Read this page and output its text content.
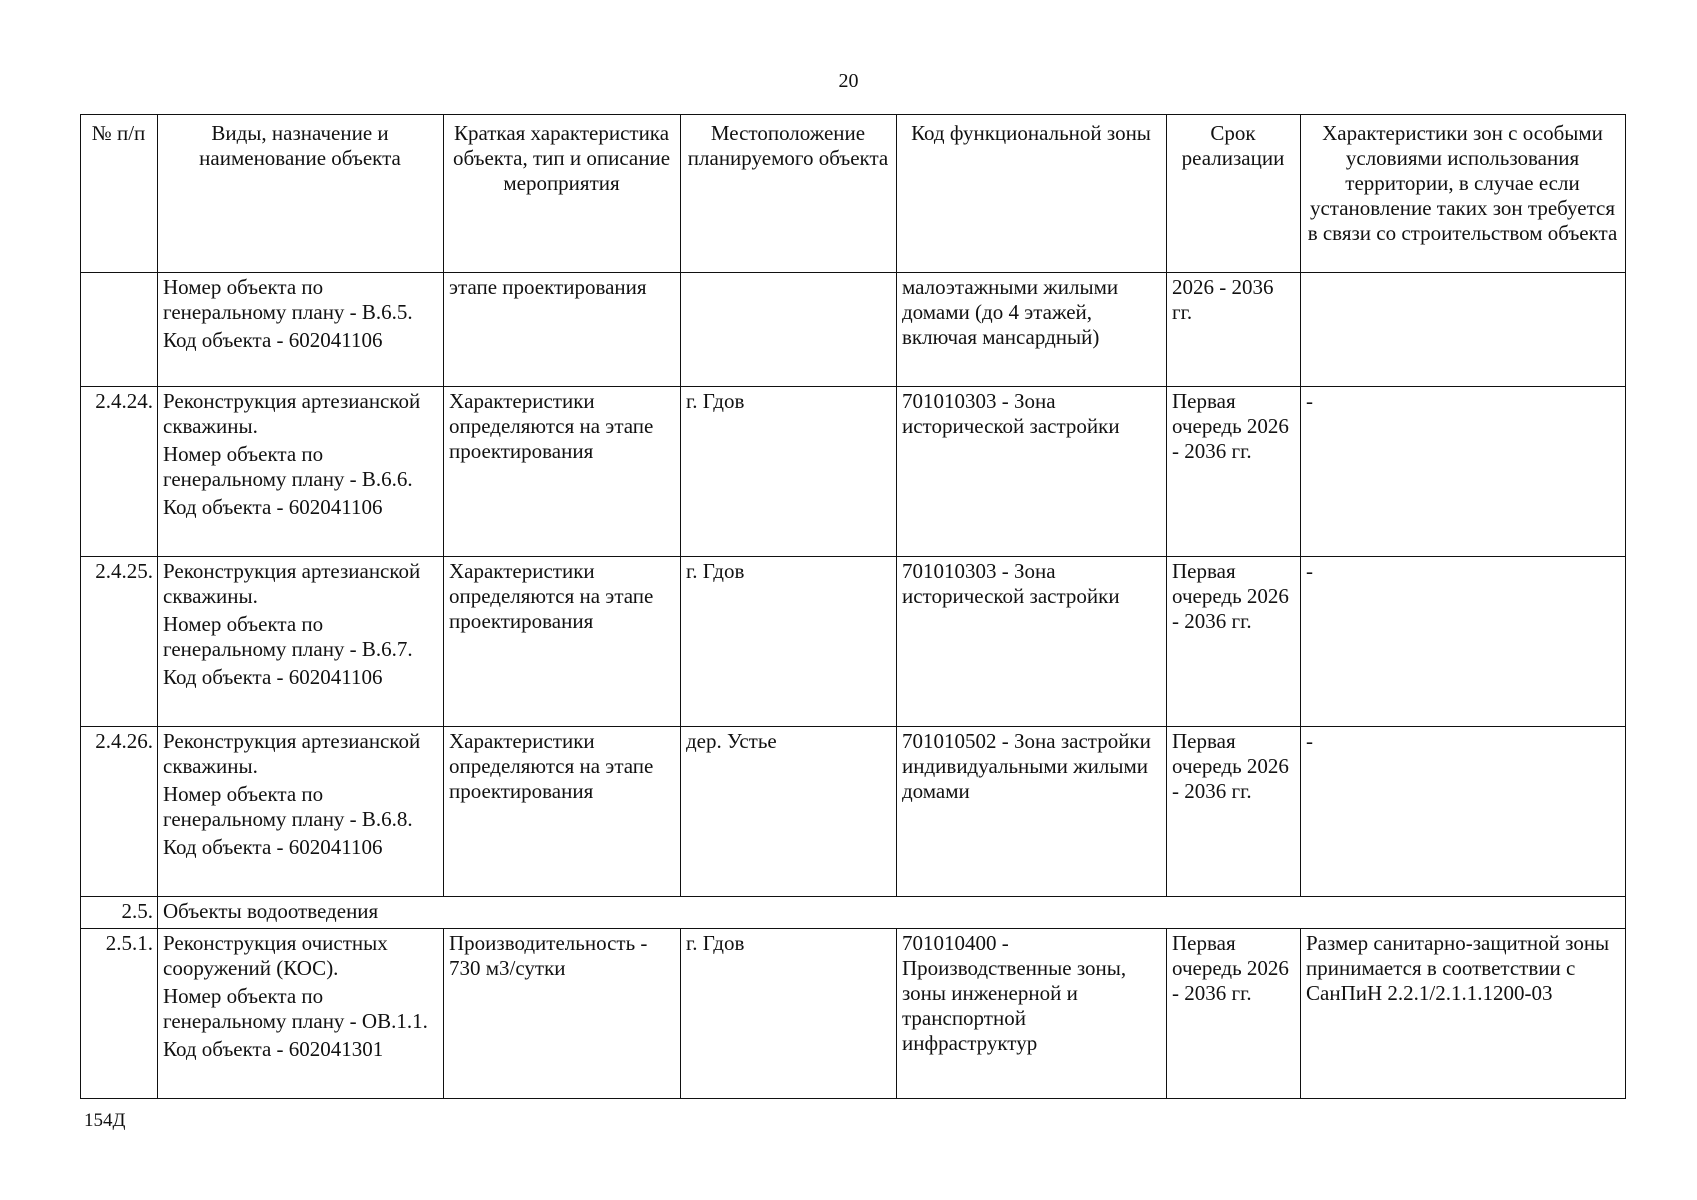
20
№ п/п	Виды, назначение и наименование объекта	Краткая характеристика объекта, тип и описание мероприятия	Местоположение планируемого объекта	Код функциональной зоны	Срок реализации	Характеристики зон с особыми условиями использования территории, в случае если установление таких зон требуется в связи со строительством объекта

	Номер объекта по генеральному плану - В.6.5.
Код объекта - 602041106	этапе проектирования		малоэтажными жилыми домами (до 4 этажей, включая мансардный)	2026 - 2036 гг.	
2.4.24.	Реконструкция артезианской скважины.
Номер объекта по генеральному плану - В.6.6.
Код объекта - 602041106	Характеристики определяются на этапе проектирования	г. Гдов	701010303 - Зона исторической застройки	Первая очередь 2026 - 2036 гг.	-
2.4.25.	Реконструкция артезианской скважины.
Номер объекта по генеральному плану - В.6.7.
Код объекта - 602041106	Характеристики определяются на этапе проектирования	г. Гдов	701010303 - Зона исторической застройки	Первая очередь 2026 - 2036 гг.	-
2.4.26.	Реконструкция артезианской скважины.
Номер объекта по генеральному плану - В.6.8.
Код объекта - 602041106	Характеристики определяются на этапе проектирования	дер. Устье	701010502 - Зона застройки индивидуальными жилыми домами	Первая очередь 2026 - 2036 гг.	-
2.5.	Объекты водоотведения					
2.5.1.	Реконструкция очистных сооружений (КОС).
Номер объекта по генеральному плану - ОВ.1.1.
Код объекта - 602041301	Производительность - 730 м3/сутки	г. Гдов	701010400 - Производственные зоны, зоны инженерной и транспортной инфраструктур	Первая очередь 2026 - 2036 гг.	Размер санитарно-защитной зоны принимается в соответствии с СанПиН 2.2.1/2.1.1.1200-03
154Д
